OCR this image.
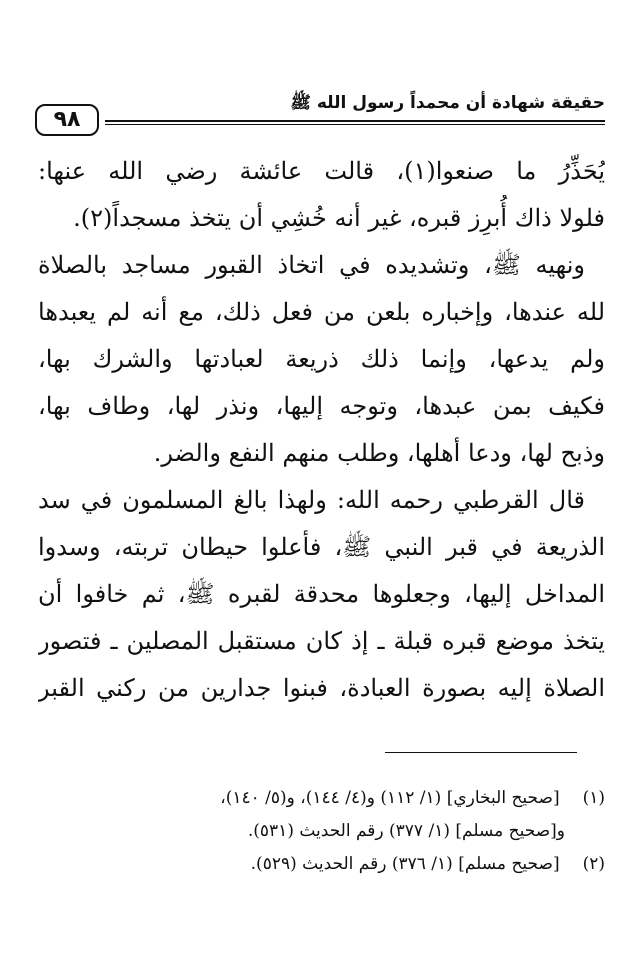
حقيقة شهادة أن محمداً رسول الله ﷺ
٩٨
يُحَذِّرُ ما صنعوا(١)، قالت عائشة رضي الله عنها:
فلولا ذاك أُبرِز قبره، غير أنه خُشِي أن يتخذ مسجداً(٢).
ونهيه ﷺ، وتشديده في اتخاذ القبور مساجد بالصلاة
لله عندها، وإخباره بلعن من فعل ذلك، مع أنه لم يعبدها
ولم يدعها، وإنما ذلك ذريعة لعبادتها والشرك بها،
فكيف بمن عبدها، وتوجه إليها، ونذر لها، وطاف بها،
وذبح لها، ودعا أهلها، وطلب منهم النفع والضر.
قال القرطبي رحمه الله: ولهذا بالغ المسلمون في سد
الذريعة في قبر النبي ﷺ، فأعلوا حيطان تربته، وسدوا
المداخل إليها، وجعلوها محدقة لقبره ﷺ، ثم خافوا أن
يتخذ موضع قبره قبلة ـ إذ كان مستقبل المصلين ـ فتصور
الصلاة إليه بصورة العبادة، فبنوا جدارين من ركني القبر
(١) [صحيح البخاري] (١/ ١١٢) و(٤/ ١٤٤)، و(٥/ ١٤٠)،
و[صحيح مسلم] (١/ ٣٧٧) رقم الحديث (٥٣١).
(٢) [صحيح مسلم] (١/ ٣٧٦) رقم الحديث (٥٢٩).
